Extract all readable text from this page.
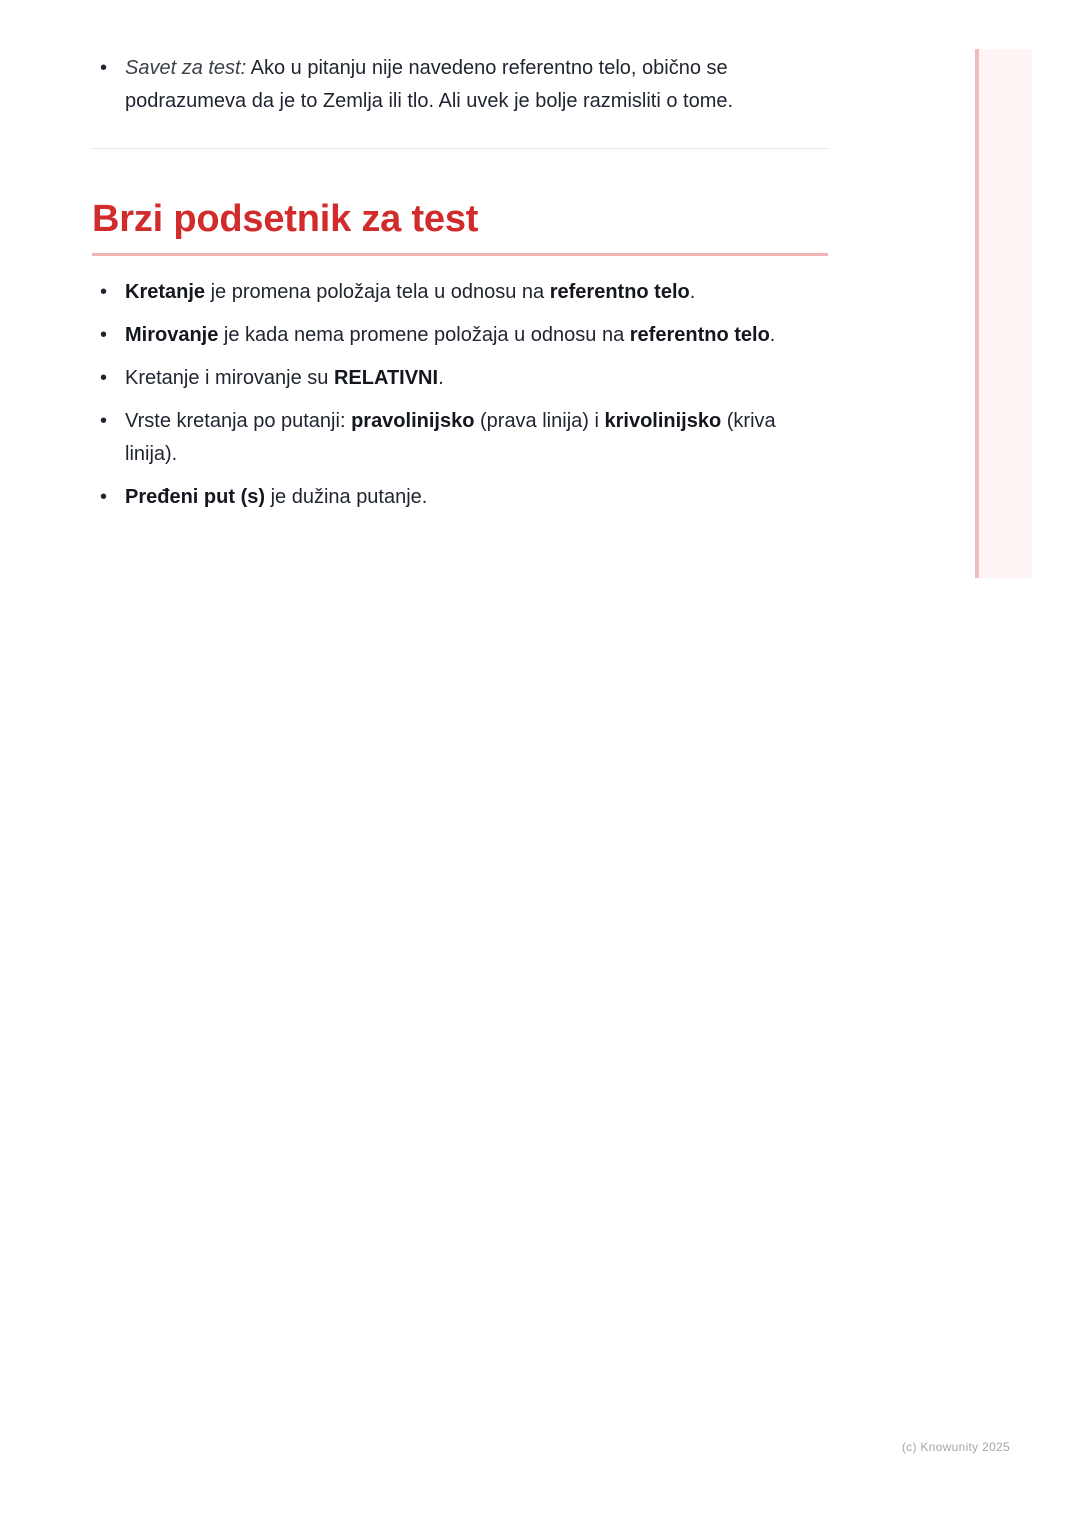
• Savet za test: Ako u pitanju nije navedeno referentno telo, obično se podrazumeva da je to Zemlja ili tlo. Ali uvek je bolje razmisliti o tome.
Brzi podsetnik za test
• Kretanje je promena položaja tela u odnosu na referentno telo.
• Mirovanje je kada nema promene položaja u odnosu na referentno telo.
• Kretanje i mirovanje su RELATIVNI.
• Vrste kretanja po putanji: pravolinijsko (prava linija) i krivolinijsko (kriva linija).
• Pređeni put (s) je dužina putanje.
(c) Knowunity 2025
